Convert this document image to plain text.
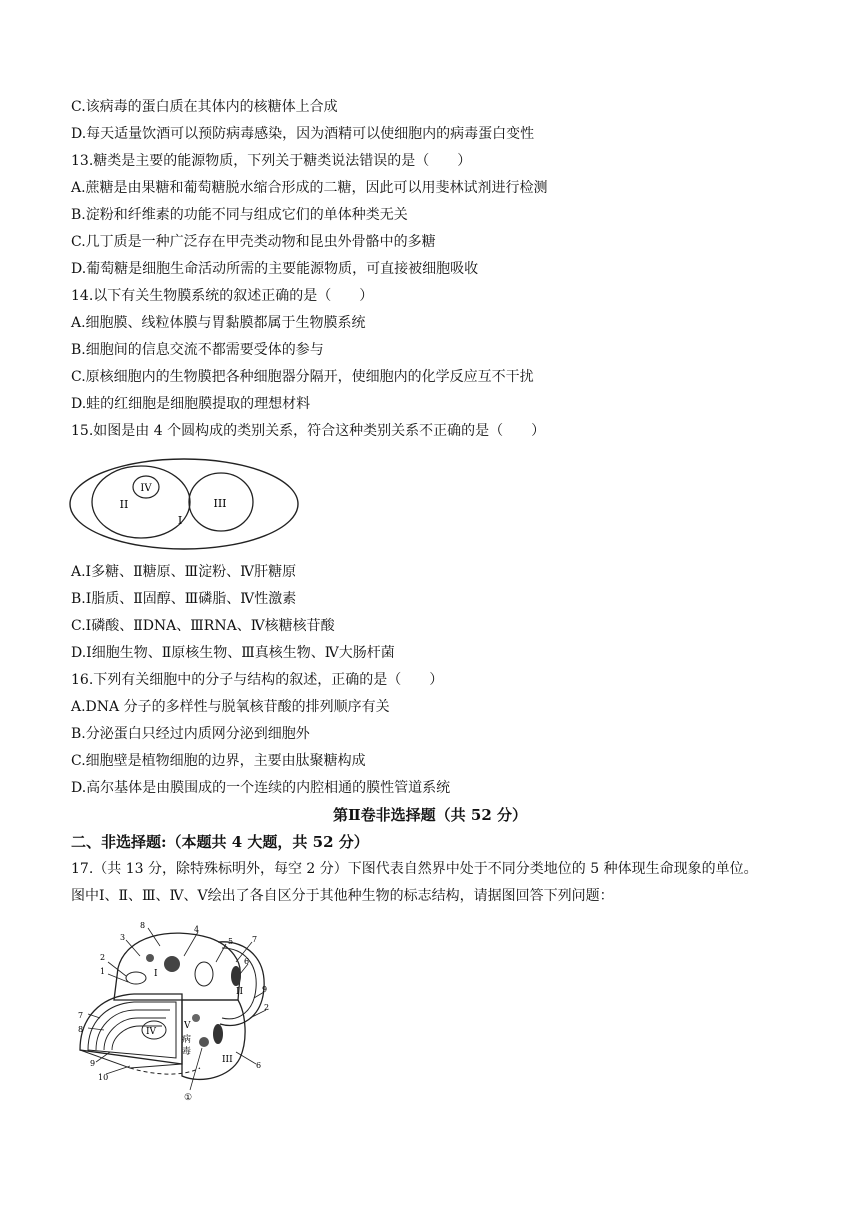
C.该病毒的蛋白质在其体内的核糖体上合成
D.每天适量饮酒可以预防病毒感染，因为酒精可以使细胞内的病毒蛋白变性
13.糖类是主要的能源物质，下列关于糖类说法错误的是（　　）
A.蔗糖是由果糖和葡萄糖脱水缩合形成的二糖，因此可以用斐林试剂进行检测
B.淀粉和纤维素的功能不同与组成它们的单体种类无关
C.几丁质是一种广泛存在甲壳类动物和昆虫外骨骼中的多糖
D.葡萄糖是细胞生命活动所需的主要能源物质，可直接被细胞吸收
14.以下有关生物膜系统的叙述正确的是（　　）
A.细胞膜、线粒体膜与胃黏膜都属于生物膜系统
B.细胞间的信息交流不都需要受体的参与
C.原核细胞内的生物膜把各种细胞器分隔开，使细胞内的化学反应互不干扰
D.蛙的红细胞是细胞膜提取的理想材料
15.如图是由 4 个圆构成的类别关系，符合这种类别关系不正确的是（　　）
IV
II	III
I
A.Ⅰ多糖、Ⅱ糖原、Ⅲ淀粉、Ⅳ肝糖原
B.Ⅰ脂质、Ⅱ固醇、Ⅲ磷脂、Ⅳ性激素
C.Ⅰ磷酸、ⅡDNA、ⅢRNA、Ⅳ核糖核苷酸
D.Ⅰ细胞生物、Ⅱ原核生物、Ⅲ真核生物、Ⅳ大肠杆菌
16.下列有关细胞中的分子与结构的叙述，正确的是（　　）
A.DNA 分子的多样性与脱氧核苷酸的排列顺序有关
B.分泌蛋白只经过内质网分泌到细胞外
C.细胞壁是植物细胞的边界，主要由肽聚糖构成
D.高尔基体是由膜围成的一个连续的内腔相通的膜性管道系统
第Ⅱ卷非选择题（共 52 分）
二、非选择题:（本题共 4 大题，共 52 分）
17.（共 13 分，除特殊标明外，每空 2 分）下图代表自然界中处于不同分类地位的 5 种体现生命现象的单位。
图中Ⅰ、Ⅱ、Ⅲ、Ⅳ、Ⅴ绘出了各自区分于其他种生物的标志结构，请据图回答下列问题：
8
3
2
1
4
5 7
6
9
2
6
7
8
9
10
①
I
II
III
IV
V
病
毒
